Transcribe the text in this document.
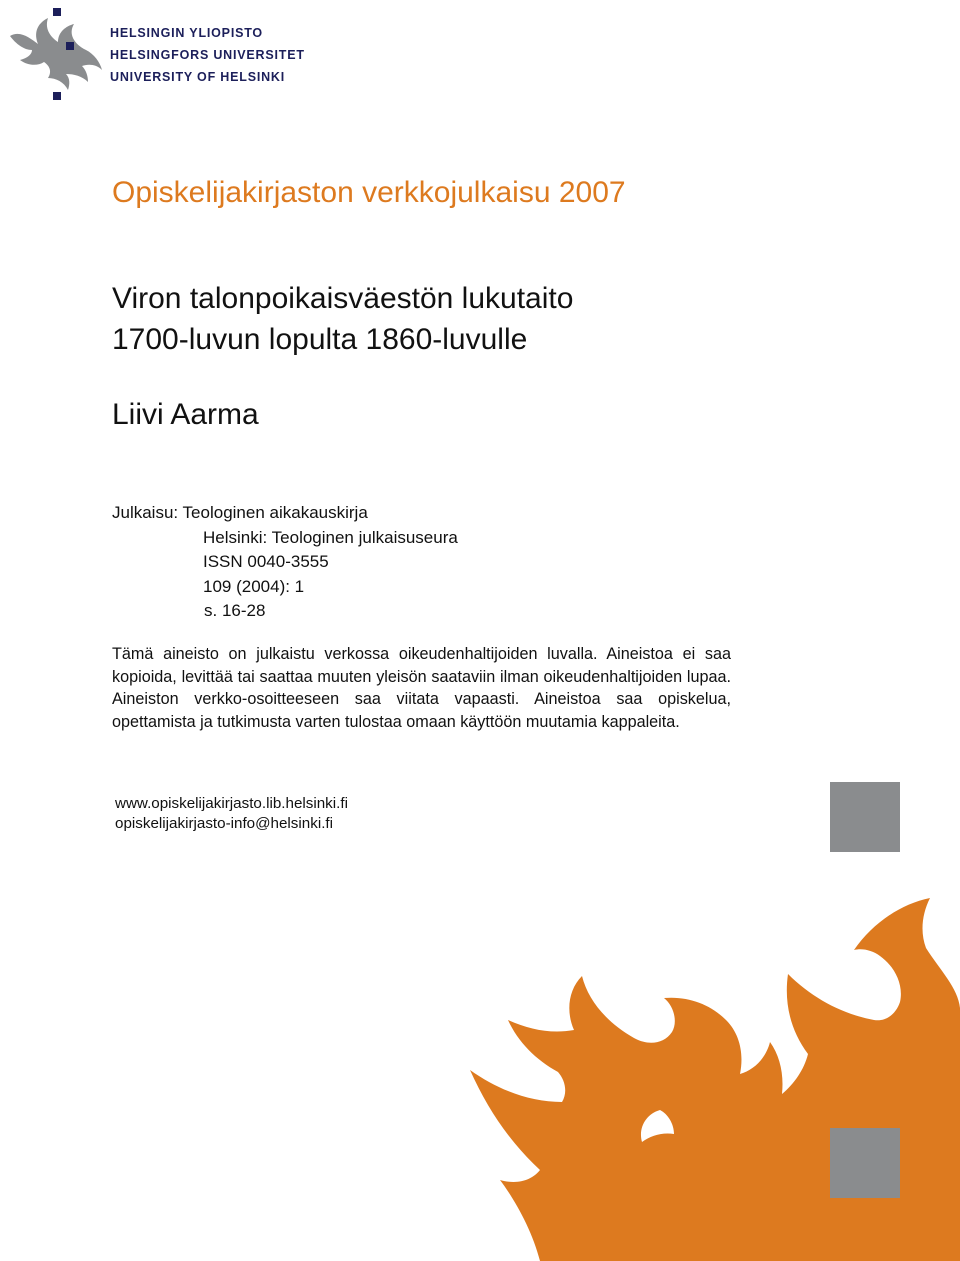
HELSINGIN YLIOPISTO
HELSINGFORS UNIVERSITET
UNIVERSITY OF HELSINKI
Opiskelijakirjaston verkkojulkaisu 2007
Viron talonpoikaisväestön lukutaito
1700-luvun lopulta 1860-luvulle
Liivi Aarma
Julkaisu: Teologinen aikakauskirja
Helsinki: Teologinen julkaisuseura
ISSN 0040-3555
109 (2004): 1
s. 16-28
Tämä aineisto on julkaistu verkossa oikeudenhaltijoiden luvalla. Aineistoa ei saa kopioida, levittää tai saattaa muuten yleisön saataviin ilman oikeudenhaltijoiden lupaa. Aineiston verkko-osoitteeseen saa viitata vapaasti. Aineistoa saa opiskelua, opettamista ja tutkimusta varten tulostaa omaan käyttöön muutamia kappaleita.
www.opiskelijakirjasto.lib.helsinki.fi
opiskelijakirjasto-info@helsinki.fi
